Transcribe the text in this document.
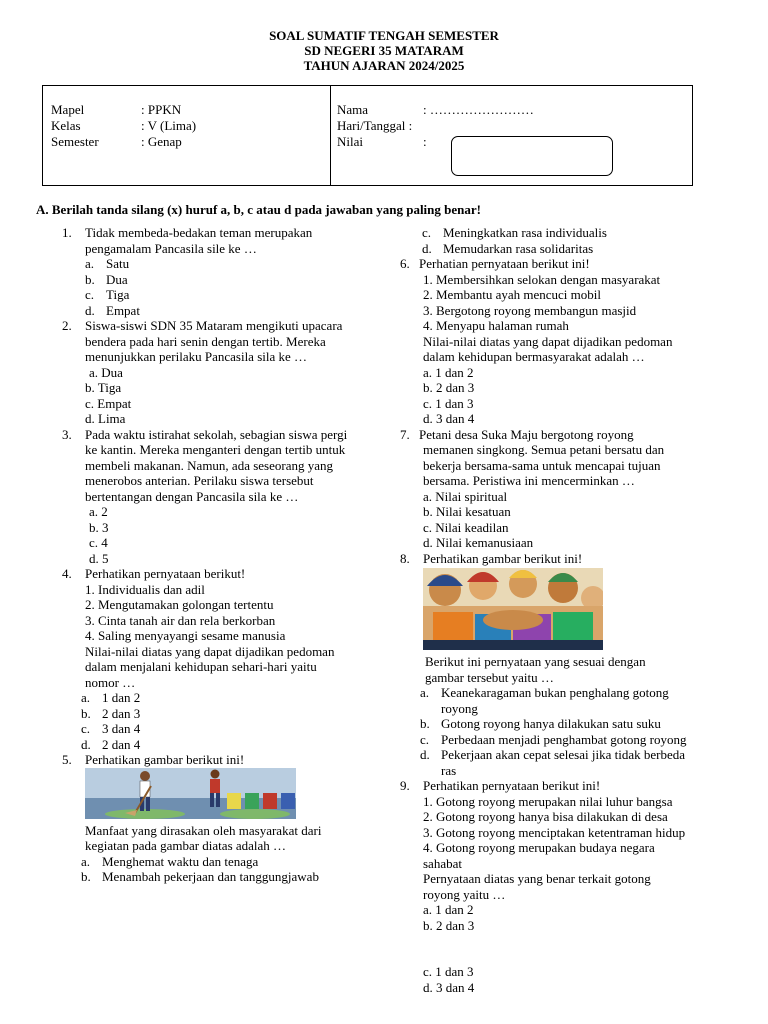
SOAL SUMATIF TENGAH SEMESTER
SD NEGERI 35 MATARAM
TAHUN AJARAN 2024/2025
Mapel	: PPKN
Kelas	: V (Lima)
Semester	: Genap
Nama	: ……………………
Hari/Tanggal :
Nilai	:
A. Berilah tanda silang (x) huruf a, b, c atau d pada jawaban yang paling benar!
1. Tidak membeda-bedakan teman merupakan
pengamalam Pancasila sile ke …
a. Satu
b. Dua
c. Tiga
d. Empat
2. Siswa-siswi SDN 35 Mataram mengikuti upacara
bendera pada hari senin dengan tertib. Mereka
menunjukkan perilaku Pancasila sila ke …
a. Dua
b. Tiga
c. Empat
d. Lima
3. Pada waktu istirahat sekolah, sebagian siswa pergi
ke kantin. Mereka menganteri dengan tertib untuk
membeli makanan. Namun, ada seseorang yang
menerobos anterian. Perilaku siswa tersebut
bertentangan dengan Pancasila sila ke …
a. 2
b. 3
c. 4
d. 5
4. Perhatikan pernyataan berikut!
1. Individualis dan adil
2. Mengutamakan golongan tertentu
3. Cinta tanah air dan rela berkorban
4. Saling menyayangi sesame manusia
Nilai-nilai diatas yang dapat dijadikan pedoman
dalam menjalani kehidupan sehari-hari yaitu
nomor …
a. 1 dan 2
b. 2 dan 3
c. 3 dan 4
d. 2 dan 4
5. Perhatikan gambar berikut ini!
Manfaat yang dirasakan oleh masyarakat dari
kegiatan pada gambar diatas adalah …
a. Menghemat waktu dan tenaga
b. Menambah pekerjaan dan tanggungjawab
c. Meningkatkan rasa individualis
d. Memudarkan rasa solidaritas
6. Perhatian pernyataan berikut ini!
1. Membersihkan selokan dengan masyarakat
2. Membantu ayah mencuci mobil
3. Bergotong royong membangun masjid
4. Menyapu halaman rumah
Nilai-nilai diatas yang dapat dijadikan pedoman
dalam kehidupan bermasyarakat adalah …
a. 1 dan 2
b. 2 dan 3
c. 1 dan 3
d. 3 dan 4
7. Petani desa Suka Maju bergotong royong
memanen singkong. Semua petani bersatu dan
bekerja bersama-sama untuk mencapai tujuan
bersama. Peristiwa ini mencerminkan …
a. Nilai spiritual
b. Nilai kesatuan
c. Nilai keadilan
d. Nilai kemanusiaan
8. Perhatikan gambar berikut ini!
Berikut ini pernyataan yang sesuai dengan
gambar tersebut yaitu …
a. Keanekaragaman bukan penghalang gotong
royong
b. Gotong royong hanya dilakukan satu suku
c. Perbedaan menjadi penghambat gotong royong
d. Pekerjaan akan cepat selesai jika tidak berbeda
ras
9. Perhatikan pernyataan berikut ini!
1. Gotong royong merupakan nilai luhur bangsa
2. Gotong royong hanya bisa dilakukan di desa
3. Gotong royong menciptakan ketentraman hidup
4. Gotong royong merupakan budaya negara
sahabat
Pernyataan diatas yang benar terkait gotong
royong yaitu …
a. 1 dan 2
b. 2 dan 3
c. 1 dan 3
d. 3 dan 4
